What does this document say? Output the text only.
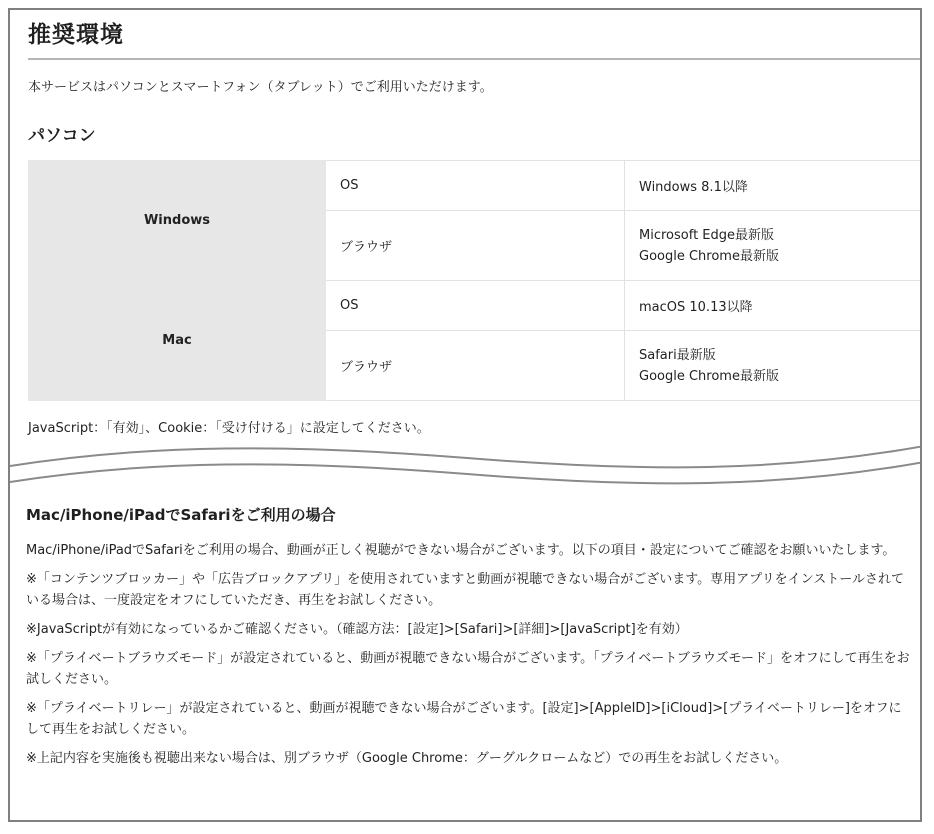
推奨環境

本サービスはパソコンとスマートフォン（タブレット）でご利用いただけます。

パソコン
Windows	OS	Windows 8.1以降
	ブラウザ	Microsoft Edge最新版
Google Chrome最新版

Mac	OS	macOS 10.13以降
	ブラウザ	Safari最新版
Google Chrome最新版

JavaScript：「有効」、Cookie：「受け付ける」に設定してください。

Mac/iPhone/iPadでSafariをご利用の場合

Mac/iPhone/iPadでSafariをご利用の場合、動画が正しく視聴ができない場合がございます。以下の項目・設定についてご確認をお願いいたします。

※「コンテンツブロッカー」や「広告ブロックアプリ」を使用されていますと動画が視聴できない場合がございます。専用アプリをインストールされている場合は、一度設定をオフにしていただき、再生をお試しください。

※JavaScriptが有効になっているかご確認ください。（確認方法：[設定]>[Safari]>[詳細]>[JavaScript]を有効）

※「プライベートブラウズモード」が設定されていると、動画が視聴できない場合がございます。「プライベートブラウズモード」をオフにして再生をお試しください。

※「プライベートリレー」が設定されていると、動画が視聴できない場合がございます。[設定]>[AppleID]>[iCloud]>[プライベートリレー]をオフにして再生をお試しください。

※上記内容を実施後も視聴出来ない場合は、別ブラウザ（Google Chrome：グーグルクロームなど）での再生をお試しください。
